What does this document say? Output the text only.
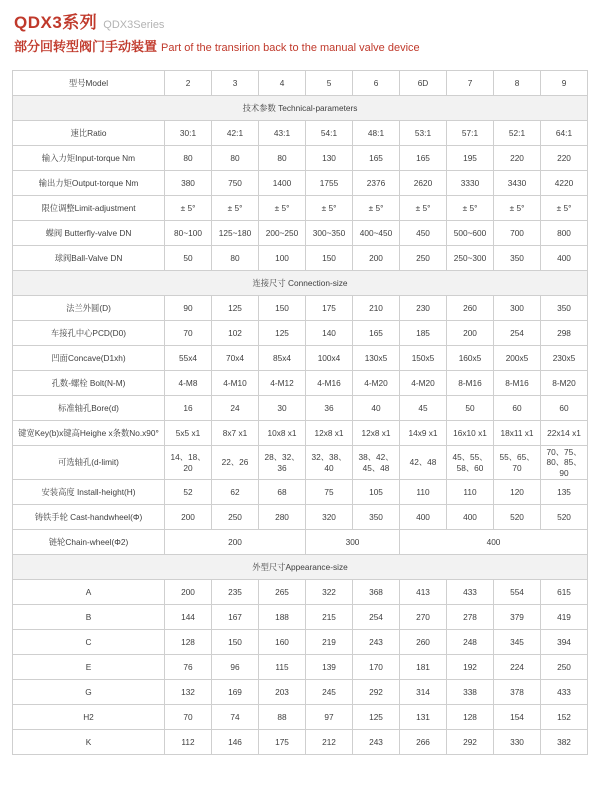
QDX3系列 QDX3Series
部分回转型阀门手动装置 Part of the transirion back to the manual valve device
型号Model	2	3	4	5	6	6D	7	8	9
技术参数 Technical-parameters									
速比Ratio	30:1	42:1	43:1	54:1	48:1	53:1	57:1	52:1	64:1
输入力矩Input-torque Nm	80	80	80	130	165	165	195	220	220
输出力矩Output-torque Nm	380	750	1400	1755	2376	2620	3330	3430	4220
限位调整Limit-adjustment	± 5°	± 5°	± 5°	± 5°	± 5°	± 5°	± 5°	± 5°	± 5°
蝶阀 Butterfly-valve DN	80~100	125~180	200~250	300~350	400~450	450	500~600	700	800
球阀Ball-Valve DN	50	80	100	150	200	250	250~300	350	400
连接尺寸 Connection-size									
法兰外圆(D)	90	125	150	175	210	230	260	300	350
车接孔中心PCD(D0)	70	102	125	140	165	185	200	254	298
凹面Concave(D1xh)	55x4	70x4	85x4	100x4	130x5	150x5	160x5	200x5	230x5
孔数-螺栓 Bolt(N-M)	4-M8	4-M10	4-M12	4-M16	4-M20	4-M20	8-M16	8-M16	8-M20
标准轴孔Bore(d)	16	24	30	36	40	45	50	60	60
键宽Key(b)x键高Heighe x条数No.x90°	5x5 x1	8x7 x1	10x8 x1	12x8 x1	12x8 x1	14x9 x1	16x10 x1	18x11 x1	22x14 x1
可选轴孔(d-limit)	14、18、 20	22、26	28、32、 36	32、38、 40	38、42、 45、48	42、48	45、55、 58、60	55、65、 70	70、75、 80、85、90
安装高度 Install-height(H)	52	62	68	75	105	110	110	120	135
铸铁手轮 Cast-handwheel(Φ)	200	250	280	320	350	400	400	520	520
链轮Chain-wheel(Φ2)	200			300		400			
外型尺寸Appearance-size									
A	200	235	265	322	368	413	433	554	615
B	144	167	188	215	254	270	278	379	419
C	128	150	160	219	243	260	248	345	394
E	76	96	115	139	170	181	192	224	250
G	132	169	203	245	292	314	338	378	433
H2	70	74	88	97	125	131	128	154	152
K	112	146	175	212	243	266	292	330	382
